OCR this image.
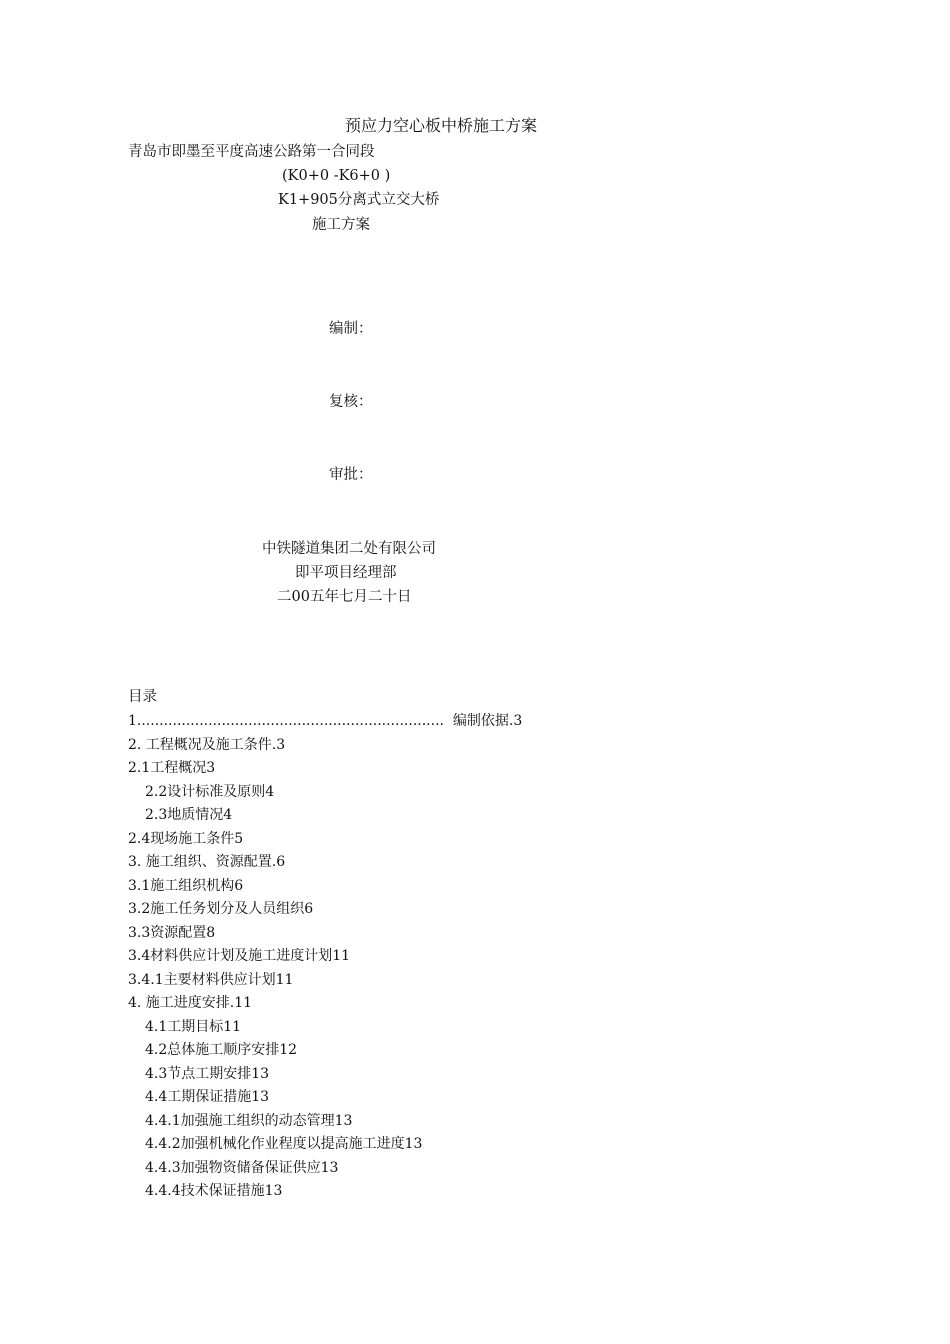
预应力空心板中桥施工方案
青岛市即墨至平度高速公路第一合同段
(K0+0 -K6+0 )
K1+905分离式立交大桥
施工方案
编制：
复核：
审批：
中铁隧道集团二处有限公司
即平项目经理部
二00五年七月二十日
目录
1.....................................................................  编制依据.3
2. 工程概况及施工条件.3
2.1工程概况3
2.2设计标准及原则4
2.3地质情况4
2.4现场施工条件5
3. 施工组织、资源配置.6
3.1施工组织机构6
3.2施工任务划分及人员组织6
3.3资源配置8
3.4材料供应计划及施工进度计划11
3.4.1主要材料供应计划11
4. 施工进度安排.11
4.1工期目标11
4.2总体施工顺序安排12
4.3节点工期安排13
4.4工期保证措施13
4.4.1加强施工组织的动态管理13
4.4.2加强机械化作业程度以提高施工进度13
4.4.3加强物资储备保证供应13
4.4.4技术保证措施13
